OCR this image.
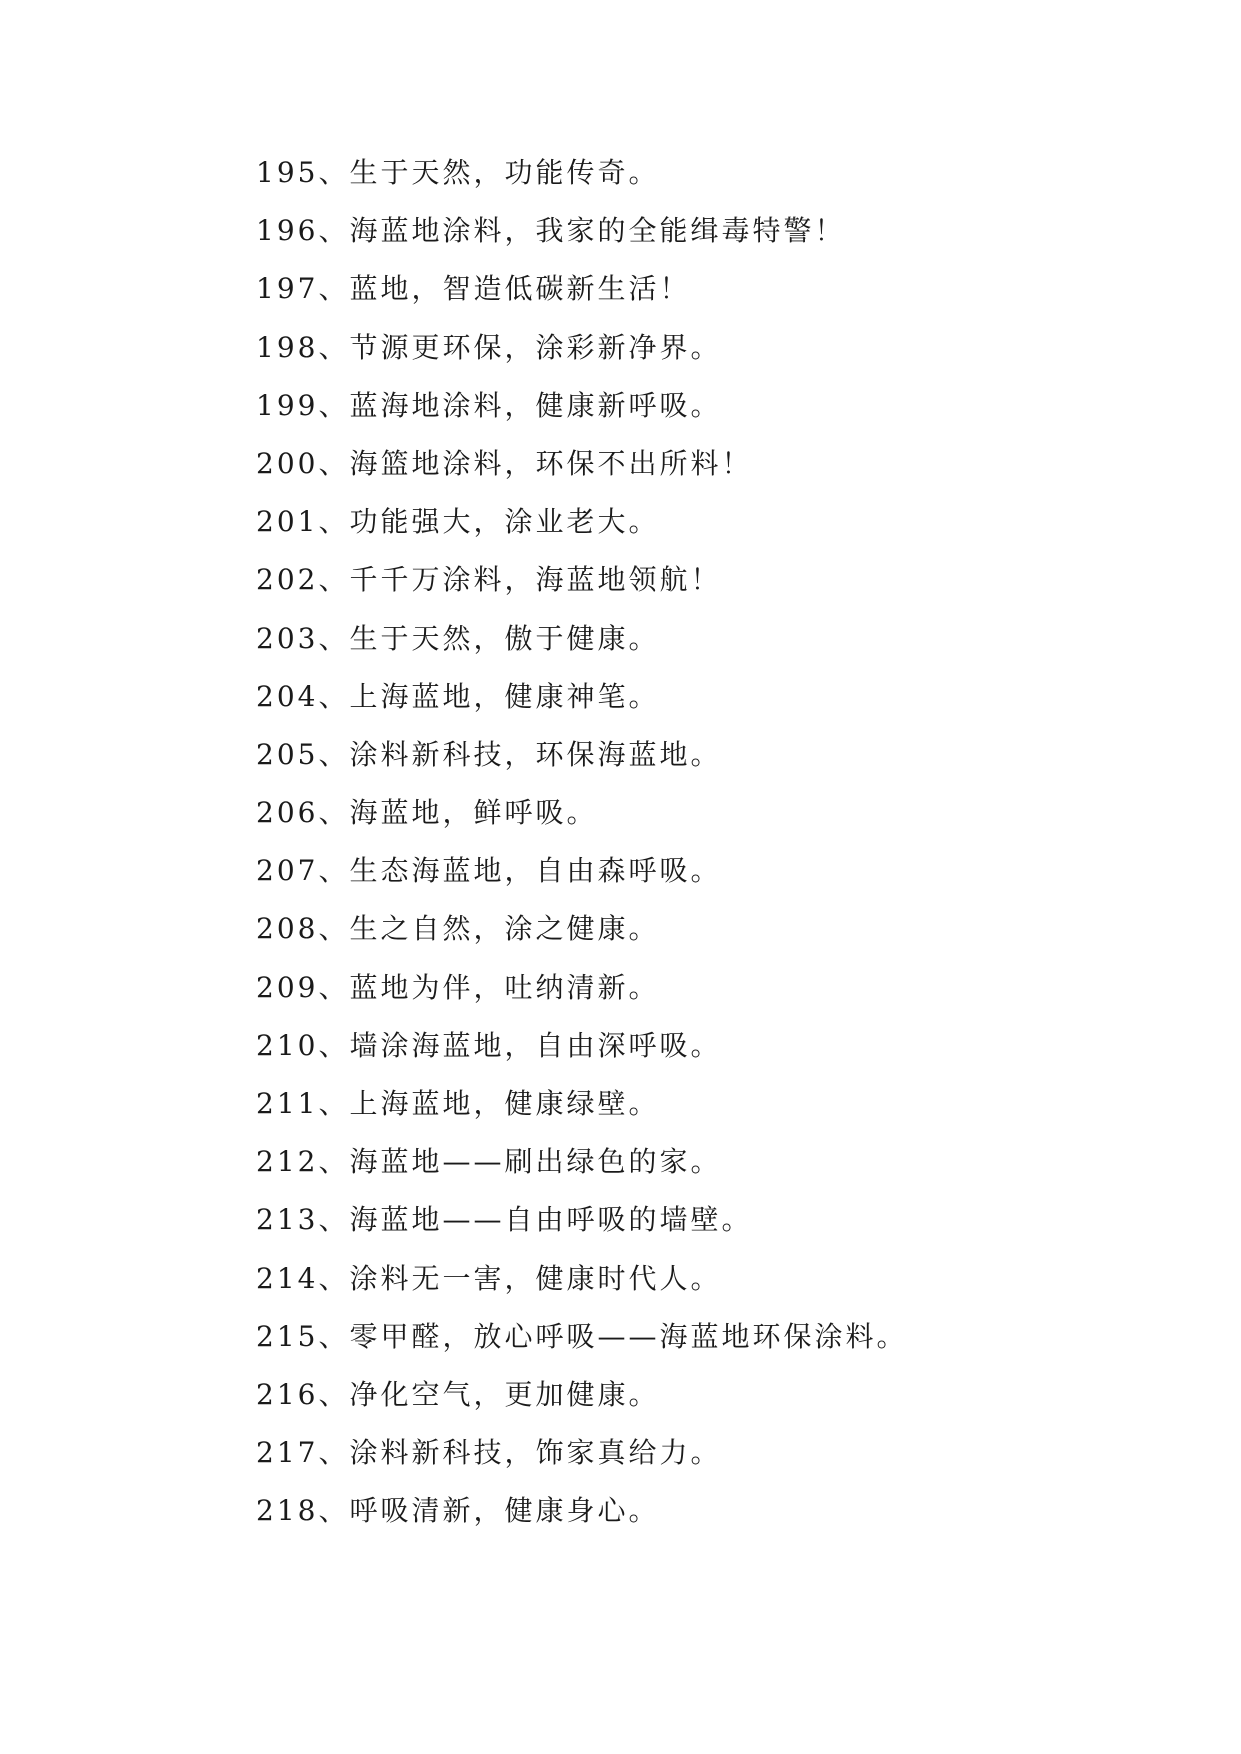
195、生于天然，功能传奇。
196、海蓝地涂料，我家的全能缉毒特警！
197、蓝地，智造低碳新生活！
198、节源更环保，涂彩新净界。
199、蓝海地涂料，健康新呼吸。
200、海篮地涂料，环保不出所料！
201、功能强大，涂业老大。
202、千千万涂料，海蓝地领航！
203、生于天然，傲于健康。
204、上海蓝地，健康神笔。
205、涂料新科技，环保海蓝地。
206、海蓝地，鲜呼吸。
207、生态海蓝地，自由森呼吸。
208、生之自然，涂之健康。
209、蓝地为伴，吐纳清新。
210、墙涂海蓝地，自由深呼吸。
211、上海蓝地，健康绿壁。
212、海蓝地——刷出绿色的家。
213、海蓝地——自由呼吸的墙壁。
214、涂料无一害，健康时代人。
215、零甲醛，放心呼吸——海蓝地环保涂料。
216、净化空气，更加健康。
217、涂料新科技，饰家真给力。
218、呼吸清新，健康身心。
